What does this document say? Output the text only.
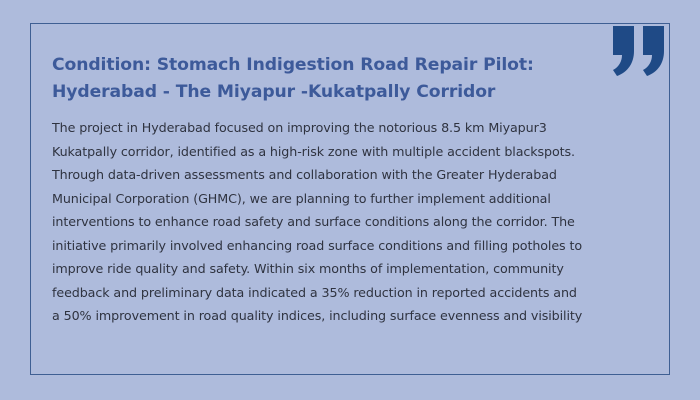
Condition: Stomach Indigestion Road Repair Pilot:
Hyderabad - The Miyapur -Kukatpally Corridor

The project in Hyderabad focused on improving the notorious 8.5 km Miyapur3
Kukatpally corridor, identified as a high-risk zone with multiple accident blackspots.
Through data-driven assessments and collaboration with the Greater Hyderabad
Municipal Corporation (GHMC), we are planning to further implement additional
interventions to enhance road safety and surface conditions along the corridor. The
initiative primarily involved enhancing road surface conditions and filling potholes to
improve ride quality and safety. Within six months of implementation, community
feedback and preliminary data indicated a 35% reduction in reported accidents and
a 50% improvement in road quality indices, including surface evenness and visibility
